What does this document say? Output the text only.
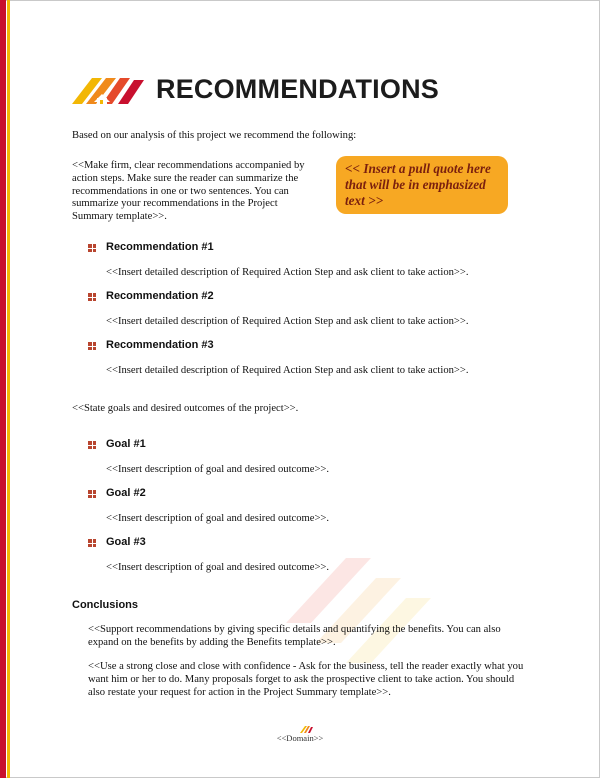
RECOMMENDATIONS

Based on our analysis of this project we recommend the following:

<<Make firm, clear recommendations accompanied by action steps. Make sure the reader can summarize the recommendations in one or two sentences. You can summarize your recommendations in the Project Summary template>>.

<< Insert a pull quote here that will be in emphasized text >>
Recommendation #1

<<Insert detailed description of Required Action Step and ask client to take action>>.

Recommendation #2

<<Insert detailed description of Required Action Step and ask client to take action>>.

Recommendation #3

<<Insert detailed description of Required Action Step and ask client to take action>>.

<<State goals and desired outcomes of the project>>.

Goal #1

<<Insert description of goal and desired outcome>>.

Goal #2

<<Insert description of goal and desired outcome>>.

Goal #3

<<Insert description of goal and desired outcome>>.

Conclusions

<<Support recommendations by giving specific details and quantifying the benefits. You can also expand on the benefits by adding the Benefits template>>.

<<Use a strong close and close with confidence - Ask for the business, tell the reader exactly what you want him or her to do. Many proposals forget to ask the prospective client to take action. You should also restate your request for action in the Project Summary template>>.

<<Domain>>
